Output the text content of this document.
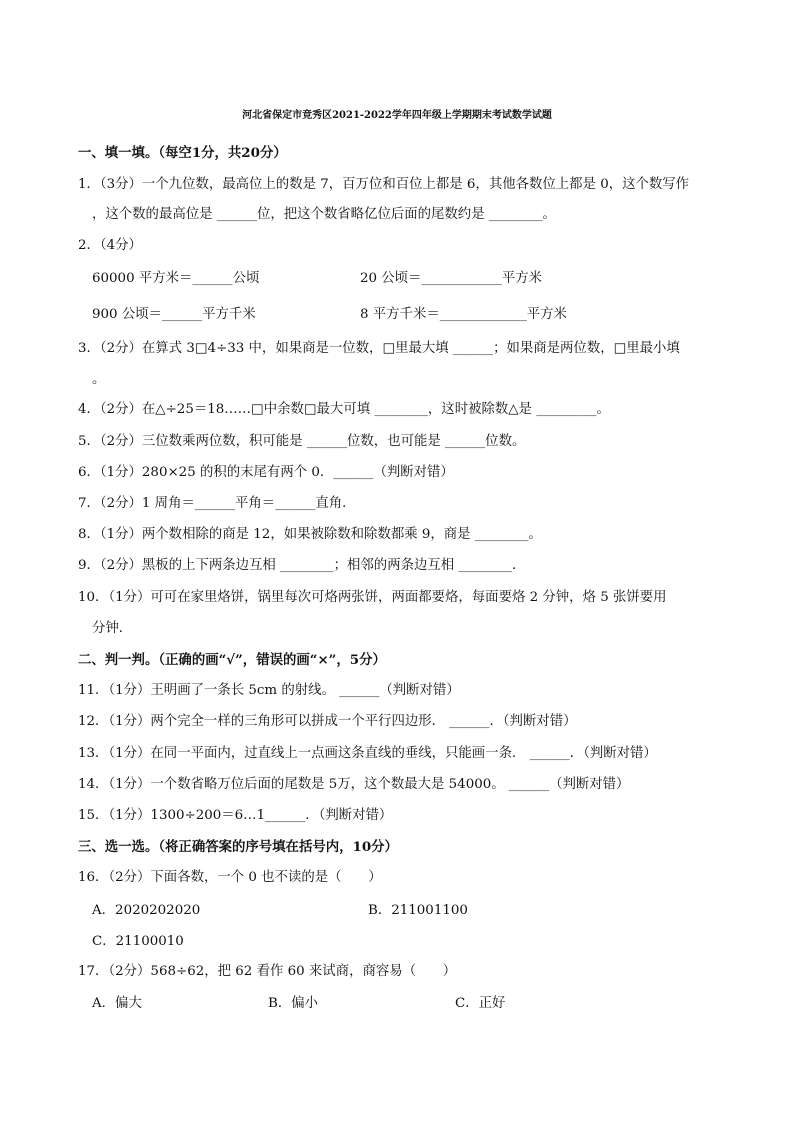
河北省保定市竞秀区2021-2022学年四年级上学期期末考试数学试题
一、填一填。（每空1分，共20分）
1．（3分）一个九位数，最高位上的数是 7，百万位和百位上都是 6，其他各数位上都是 0，这个数写作
，这个数的最高位是 ______位，把这个数省略亿位后面的尾数约是 ________。
2．（4分）
60000 平方米＝______公顷	20 公顷＝____________平方米
900 公顷＝______平方千米	8 平方千米＝_____________平方米
3．（2分）在算式 3□4÷33 中，如果商是一位数，□里最大填 ______；如果商是两位数，□里最小填
。
4．（2分）在△÷25＝18……□中余数□最大可填 ________，这时被除数△是 _________。
5．（2分）三位数乘两位数，积可能是 ______位数，也可能是 ______位数。
6．（1分）280×25 的积的末尾有两个 0．______（判断对错）
7．（2分）1 周角＝______平角＝______直角．
8．（1分）两个数相除的商是 12，如果被除数和除数都乘 9，商是 ________。
9．（2分）黑板的上下两条边互相 ________；相邻的两条边互相 ________．
10．（1分）可可在家里烙饼，锅里每次可烙两张饼，两面都要烙，每面要烙 2 分钟，烙 5 张饼要用
分钟．
二、判一判。（正确的画“√”，错误的画“×”，5分）
11．（1分）王明画了一条长 5cm 的射线。 ______（判断对错）
12．（1分）两个完全一样的三角形可以拼成一个平行四边形． ______．（判断对错）
13．（1分）在同一平面内，过直线上一点画这条直线的垂线，只能画一条． ______．（判断对错）
14．（1分）一个数省略万位后面的尾数是 5万，这个数最大是 54000。 ______（判断对错）
15．（1分）1300÷200＝6…1______．（判断对错）
三、选一选。（将正确答案的序号填在括号内，10分）
16．（2分）下面各数，一个 0 也不读的是（　　）
A．2020202020	B．211001100
C．21100010
17．（2分）568÷62，把 62 看作 60 来试商，商容易（　　）
A．偏大	B．偏小	C．正好
